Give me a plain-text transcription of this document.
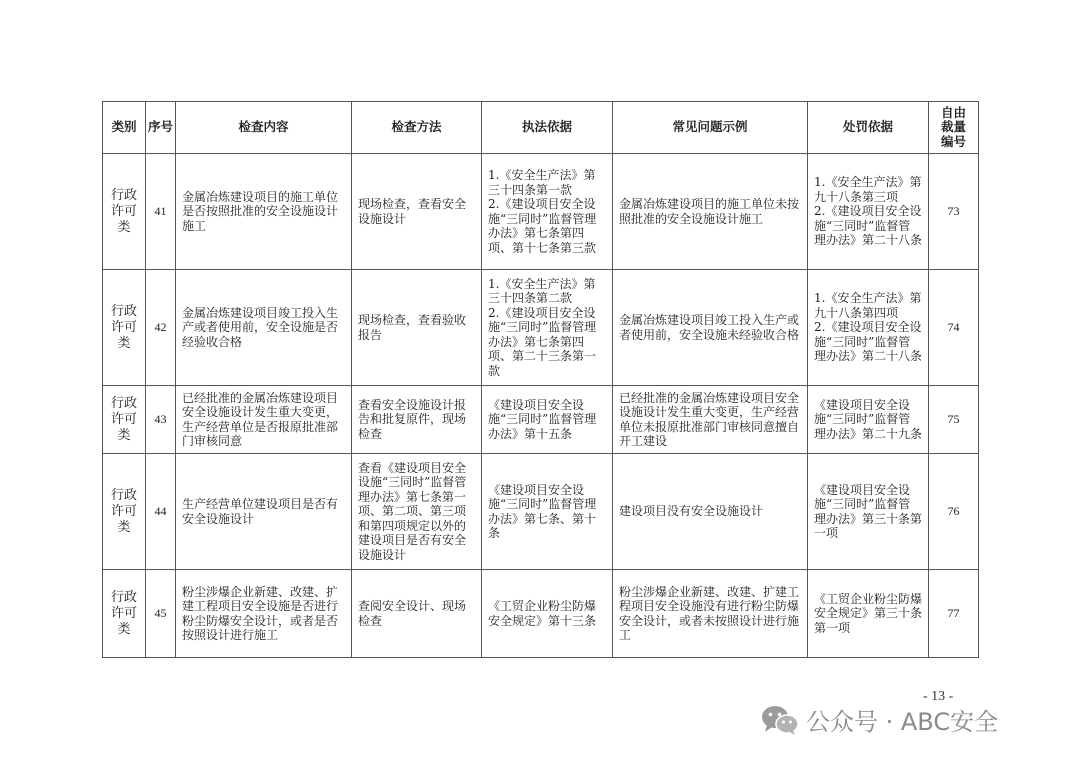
类别	序号	检查内容	检查方法	执法依据	常见问题示例	处罚依据	自由裁量编号
行政许可类	41	金属冶炼建设项目的施工单位是否按照批准的安全设施设计施工	现场检查，查看安全设施设计	1.《安全生产法》第三十四条第一款
2.《建设项目安全设施“三同时”监督管理办法》第七条第四项、第十七条第三款	金属冶炼建设项目的施工单位未按照批准的安全设施设计施工	1.《安全生产法》第九十八条第三项
2.《建设项目安全设施“三同时”监督管理办法》第二十八条	73
行政许可类	42	金属冶炼建设项目竣工投入生产或者使用前，安全设施是否经验收合格	现场检查，查看验收报告	1.《安全生产法》第三十四条第二款
2.《建设项目安全设施“三同时”监督管理办法》第七条第四项、第二十三条第一款	金属冶炼建设项目竣工投入生产或者使用前，安全设施未经验收合格	1.《安全生产法》第九十八条第四项
2.《建设项目安全设施“三同时”监督管理办法》第二十八条	74
行政许可类	43	已经批准的金属冶炼建设项目安全设施设计发生重大变更，生产经营单位是否报原批准部门审核同意	查看安全设施设计报告和批复原件，现场检查	《建设项目安全设施“三同时”监督管理办法》第十五条	已经批准的金属冶炼建设项目安全设施设计发生重大变更，生产经营单位未报原批准部门审核同意擅自开工建设	《建设项目安全设施“三同时”监督管理办法》第二十九条	75
行政许可类	44	生产经营单位建设项目是否有安全设施设计	查看《建设项目安全设施“三同时”监督管理办法》第七条第一项、第二项、第三项和第四项规定以外的建设项目是否有安全设施设计	《建设项目安全设施“三同时”监督管理办法》第七条、第十条	建设项目没有安全设施设计	《建设项目安全设施“三同时”监督管理办法》第三十条第一项	76
行政许可类	45	粉尘涉爆企业新建、改建、扩建工程项目安全设施是否进行粉尘防爆安全设计，或者是否按照设计进行施工	查阅安全设计、现场检查	《工贸企业粉尘防爆安全规定》第十三条	粉尘涉爆企业新建、改建、扩建工程项目安全设施没有进行粉尘防爆安全设计，或者未按照设计进行施工	《工贸企业粉尘防爆安全规定》第三十条第一项	77
- 13 -
公众号 · ABC安全
